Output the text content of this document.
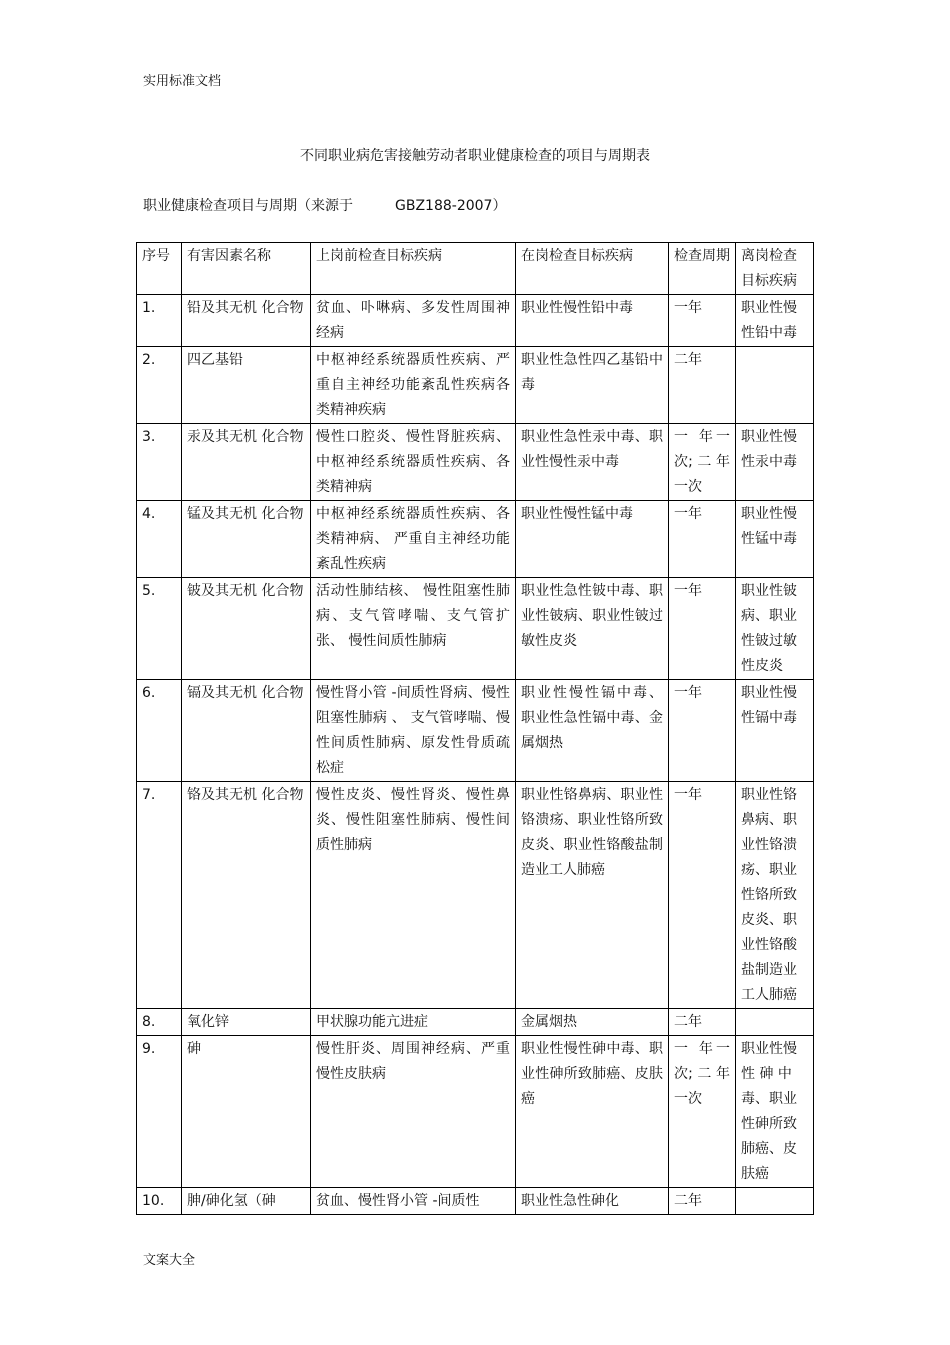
实用标准文档
不同职业病危害接触劳动者职业健康检查的项目与周期表
职业健康检查项目与周期（来源于	GBZ188-2007）
序号	有害因素名称	上岗前检查目标疾病	在岗检查目标疾病	检查周期	离岗检查目标疾病
1.	铅及其无机 化合物	贫血、卟啉病、多发性周围神经病	职业性慢性铅中毒	一年	职业性慢性铅中毒
2.	四乙基铅	中枢神经系统器质性疾病、严重自主神经功能紊乱性疾病各类精神疾病	职业性急性四乙基铅中毒	二年	
3.	汞及其无机 化合物	慢性口腔炎、慢性肾脏疾病、中枢神经系统器质性疾病、各类精神病	职业性急性汞中毒、职业性慢性汞中毒	一 年一次; 二 年一次	职业性慢性汞中毒
4.	锰及其无机 化合物	中枢神经系统器质性疾病、各类精神病、 严重自主神经功能紊乱性疾病	职业性慢性锰中毒	一年	职业性慢性锰中毒
5.	铍及其无机 化合物	活动性肺结核、 慢性阻塞性肺病、支气管哮喘、支气管扩张、 慢性间质性肺病	职业性急性铍中毒、职业性铍病、职业性铍过敏性皮炎	一年	职业性铍病、职业性铍过敏性皮炎
6.	镉及其无机 化合物	慢性肾小管 -间质性肾病、慢性阻塞性肺病 、 支气管哮喘、慢性间质性肺病、原发性骨质疏松症	职业性慢性镉中毒、 职业性急性镉中毒、金属烟热	一年	职业性慢性镉中毒
7.	铬及其无机 化合物	慢性皮炎、慢性肾炎、慢性鼻炎、慢性阻塞性肺病、慢性间质性肺病	职业性铬鼻病、职业性铬溃疡、职业性铬所致皮炎、职业性铬酸盐制造业工人肺癌	一年	职业性铬鼻病、职业性铬溃疡、职业性铬所致皮炎、职业性铬酸盐制造业工人肺癌
8.	氧化锌	甲状腺功能亢进症	金属烟热	二年	
9.	砷	慢性肝炎、周围神经病、严重慢性皮肤病	职业性慢性砷中毒、职业性砷所致肺癌、皮肤癌	一 年一次; 二 年一次	职业性慢性 砷 中毒、职业性砷所致肺癌、皮肤癌
10.	胂/砷化氢（砷	贫血、慢性肾小管 -间质性	职业性急性砷化	二年	
文案大全
